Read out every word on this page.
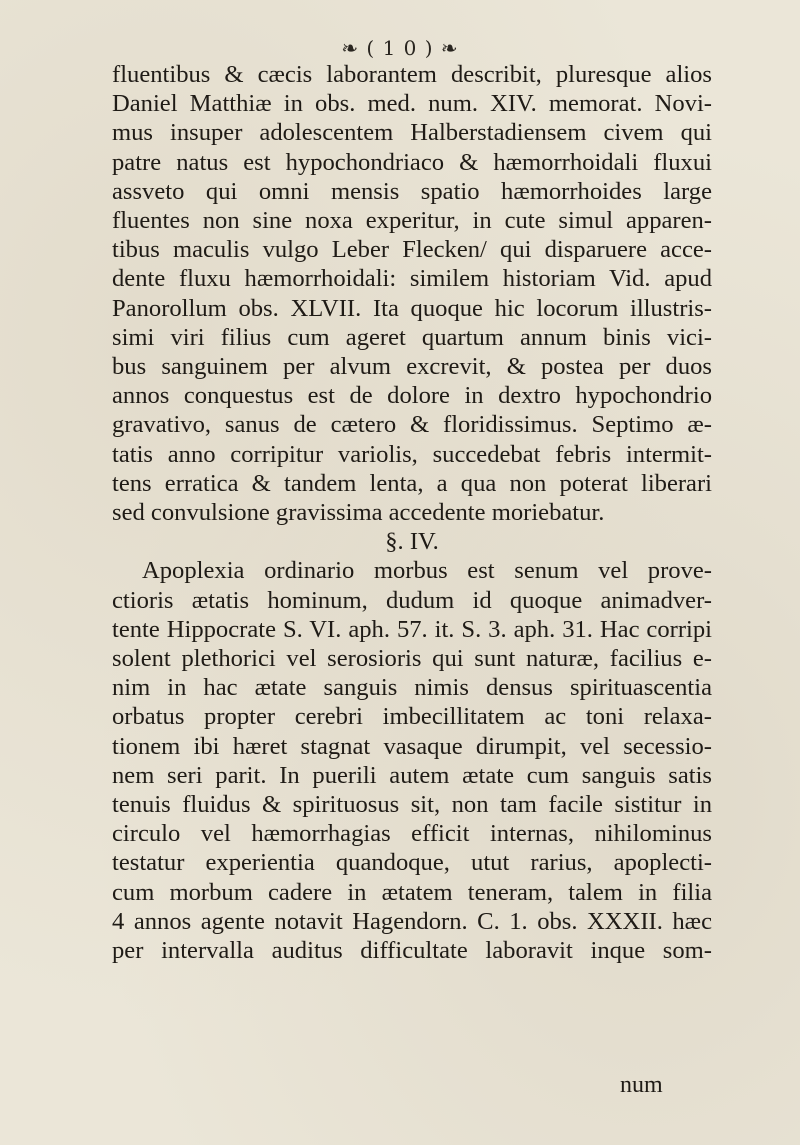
❧ ( 1 0 ) ❧
fluentibus & cæcis laborantem describit, pluresque alios
Daniel Matthiæ in obs. med. num. XIV. memorat. Novi-
mus insuper adolescentem Halberstadiensem civem qui
patre natus est hypochondriaco & hæmorrhoidali fluxui
assveto qui omni mensis spatio hæmorrhoides large
fluentes non sine noxa experitur, in cute simul apparen-
tibus maculis vulgo Leber Flecken/ qui disparuere acce-
dente fluxu hæmorrhoidali: similem historiam Vid. apud
Panorollum obs. XLVII. Ita quoque hic locorum illustris-
simi viri filius cum ageret quartum annum binis vici-
bus sanguinem per alvum excrevit, & postea per duos
annos conquestus est de dolore in dextro hypochondrio
gravativo, sanus de cætero & floridissimus. Septimo æ-
tatis anno corripitur variolis, succedebat febris intermit-
tens erratica & tandem lenta, a qua non poterat liberari
sed convulsione gravissima accedente moriebatur.
§. IV.
Apoplexia ordinario morbus est senum vel prove-
ctioris ætatis hominum, dudum id quoque animadver-
tente Hippocrate S. VI. aph. 57. it. S. 3. aph. 31. Hac corripi
solent plethorici vel serosioris qui sunt naturæ, facilius e-
nim in hac ætate sanguis nimis densus spirituascentia
orbatus propter cerebri imbecillitatem ac toni relaxa-
tionem ibi hæret stagnat vasaque dirumpit, vel secessio-
nem seri parit. In puerili autem ætate cum sanguis satis
tenuis fluidus & spirituosus sit, non tam facile sistitur in
circulo vel hæmorrhagias efficit internas, nihilominus
testatur experientia quandoque, utut rarius, apoplecti-
cum morbum cadere in ætatem teneram, talem in filia
4 annos agente notavit Hagendorn. C. 1. obs. XXXII. hæc
per intervalla auditus difficultate laboravit inque som-
num
